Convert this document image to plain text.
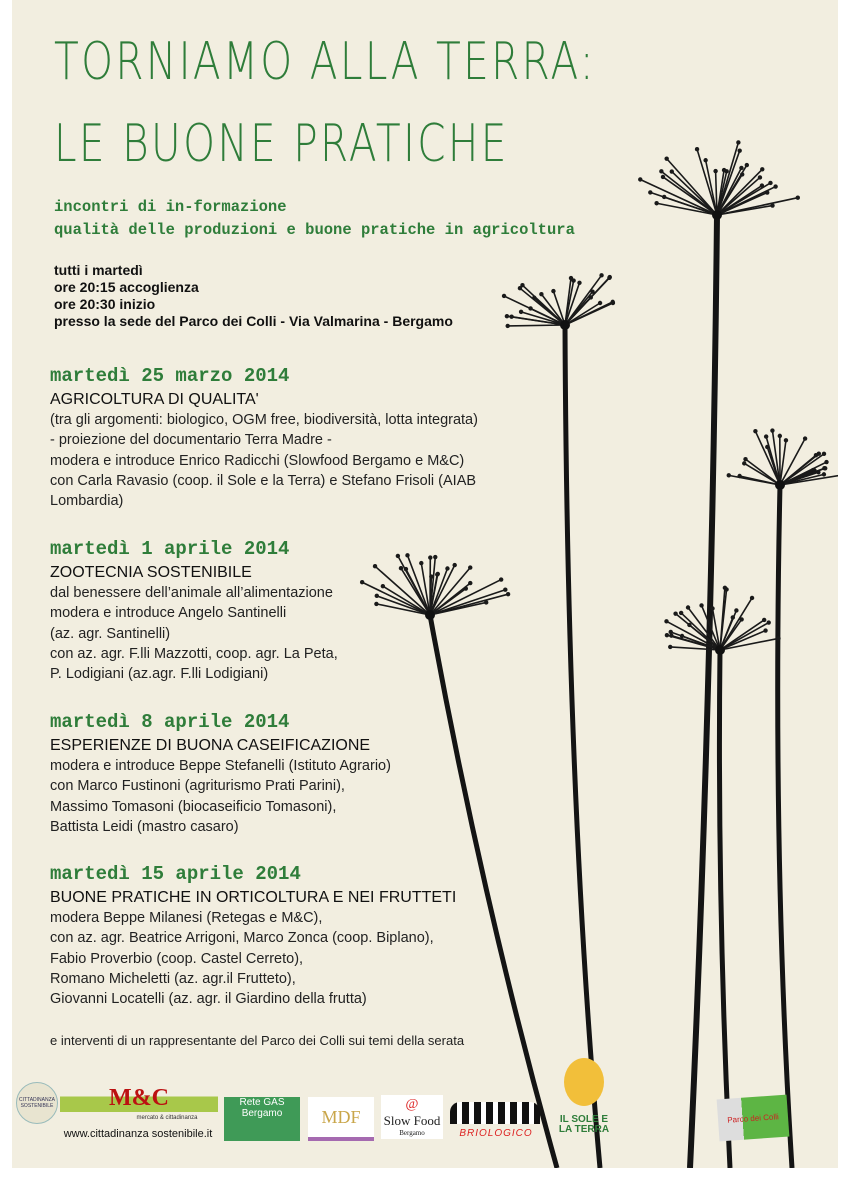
TORNIAMO ALLA TERRA:
LE BUONE PRATICHE
incontri di in-formazione
qualità delle produzioni e buone pratiche in agricoltura
tutti i martedì
ore 20:15 accoglienza
ore 20:30 inizio
presso la sede del Parco dei Colli - Via Valmarina - Bergamo
martedì 25 marzo 2014
AGRICOLTURA DI QUALITA'
(tra gli argomenti: biologico, OGM free, biodiversità, lotta integrata)
- proiezione del documentario Terra Madre -
modera e introduce Enrico Radicchi (Slowfood Bergamo e M&C)
con Carla Ravasio (coop. il Sole e la Terra) e Stefano Frisoli (AIAB
Lombardia)
martedì 1 aprile 2014
ZOOTECNIA SOSTENIBILE
dal benessere dell’animale all’alimentazione
modera e introduce Angelo Santinelli
(az. agr. Santinelli)
con az. agr. F.lli Mazzotti, coop. agr. La Peta,
P. Lodigiani (az.agr. F.lli Lodigiani)
martedì 8 aprile 2014
ESPERIENZE DI BUONA CASEIFICAZIONE
modera e introduce Beppe Stefanelli (Istituto Agrario)
con Marco Fustinoni (agriturismo Prati Parini),
Massimo Tomasoni (biocaseificio Tomasoni),
Battista Leidi (mastro casaro)
martedì 15 aprile 2014
BUONE PRATICHE IN ORTICOLTURA E NEI FRUTTETI
modera Beppe Milanesi (Retegas e M&C),
con az. agr. Beatrice Arrigoni, Marco Zonca (coop. Biplano),
Fabio Proverbio (coop. Castel Cerreto),
Romano Micheletti (az. agr.il Frutteto),
Giovanni Locatelli (az. agr. il Giardino della frutta)
e interventi di un rappresentante del Parco dei Colli sui temi della serata
CITTADINANZA SOSTENIBILE	M&C
mercato & cittadinanza
www.cittadinanza sostenibile.it
Rete GAS Bergamo	MDF
@
Slow Food
Bergamo	BRIOLOGICO
IL SOLE E LA TERRA
Parco dei Colli
